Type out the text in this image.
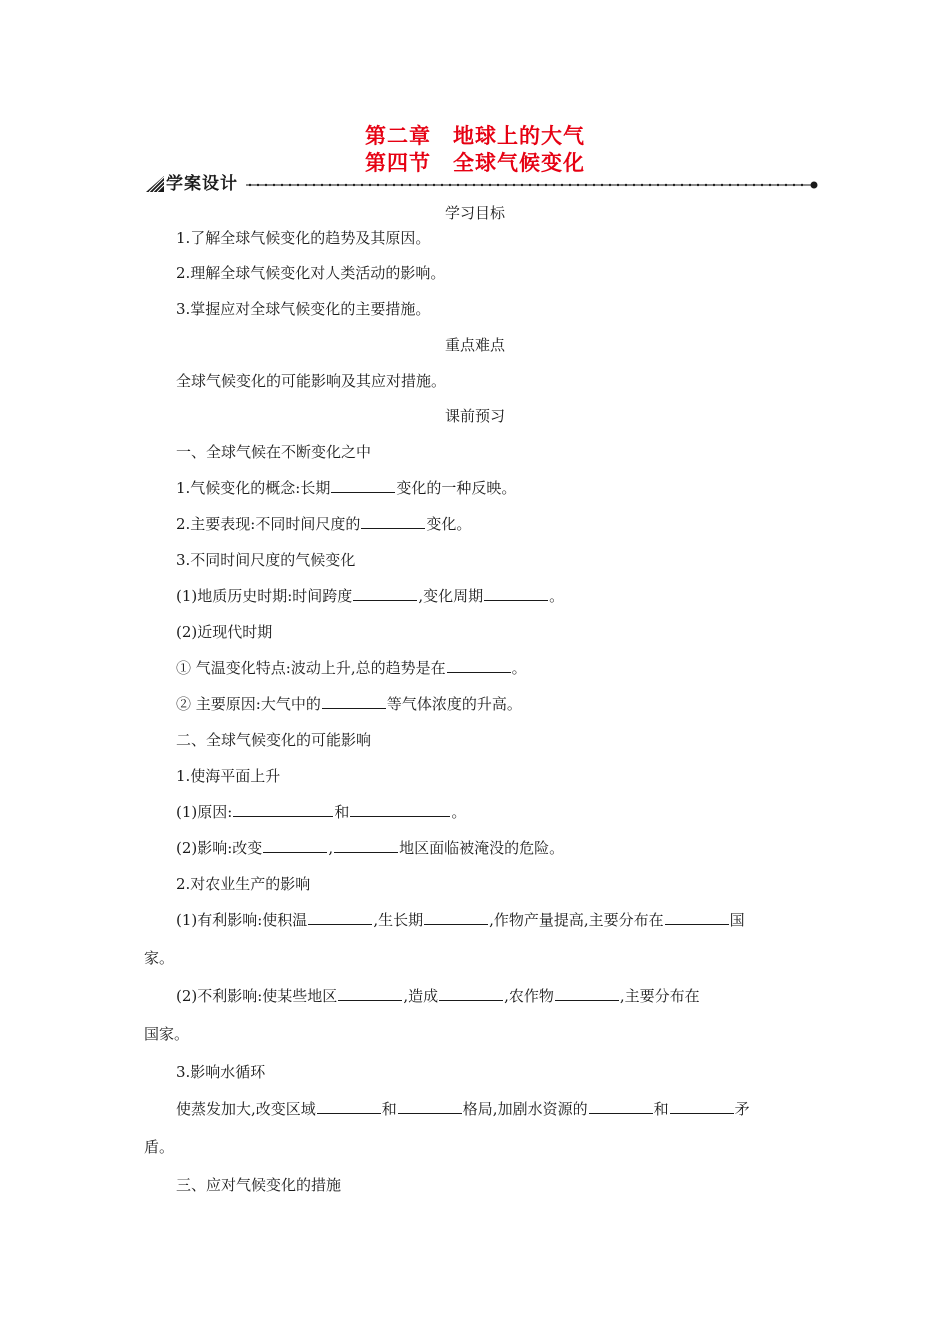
第二章 地球上的大气
第四节 全球气候变化
学案设计
学习目标
1.了解全球气候变化的趋势及其原因。
2.理解全球气候变化对人类活动的影响。
3.掌握应对全球气候变化的主要措施。
重点难点
全球气候变化的可能影响及其应对措施。
课前预习
一、全球气候在不断变化之中
1.气候变化的概念:长期	变化的一种反映。
2.主要表现:不同时间尺度的	变化。
3.不同时间尺度的气候变化
(1)地质历史时期:时间跨度	,变化周期	。
(2)近现代时期
① 气温变化特点:波动上升,总的趋势是在	。
② 主要原因:大气中的	等气体浓度的升高。
二、全球气候变化的可能影响
1.使海平面上升
(1)原因:	和	。
(2)影响:改变	,	地区面临被淹没的危险。
2.对农业生产的影响
(1)有利影响:使积温	,生长期	,作物产量提高,主要分布在	国
家。
(2)不利影响:使某些地区	,造成	,农作物	,主要分布在
国家。
3.影响水循环
使蒸发加大,改变区域	和	格局,加剧水资源的	和	矛
盾。
三、应对气候变化的措施
